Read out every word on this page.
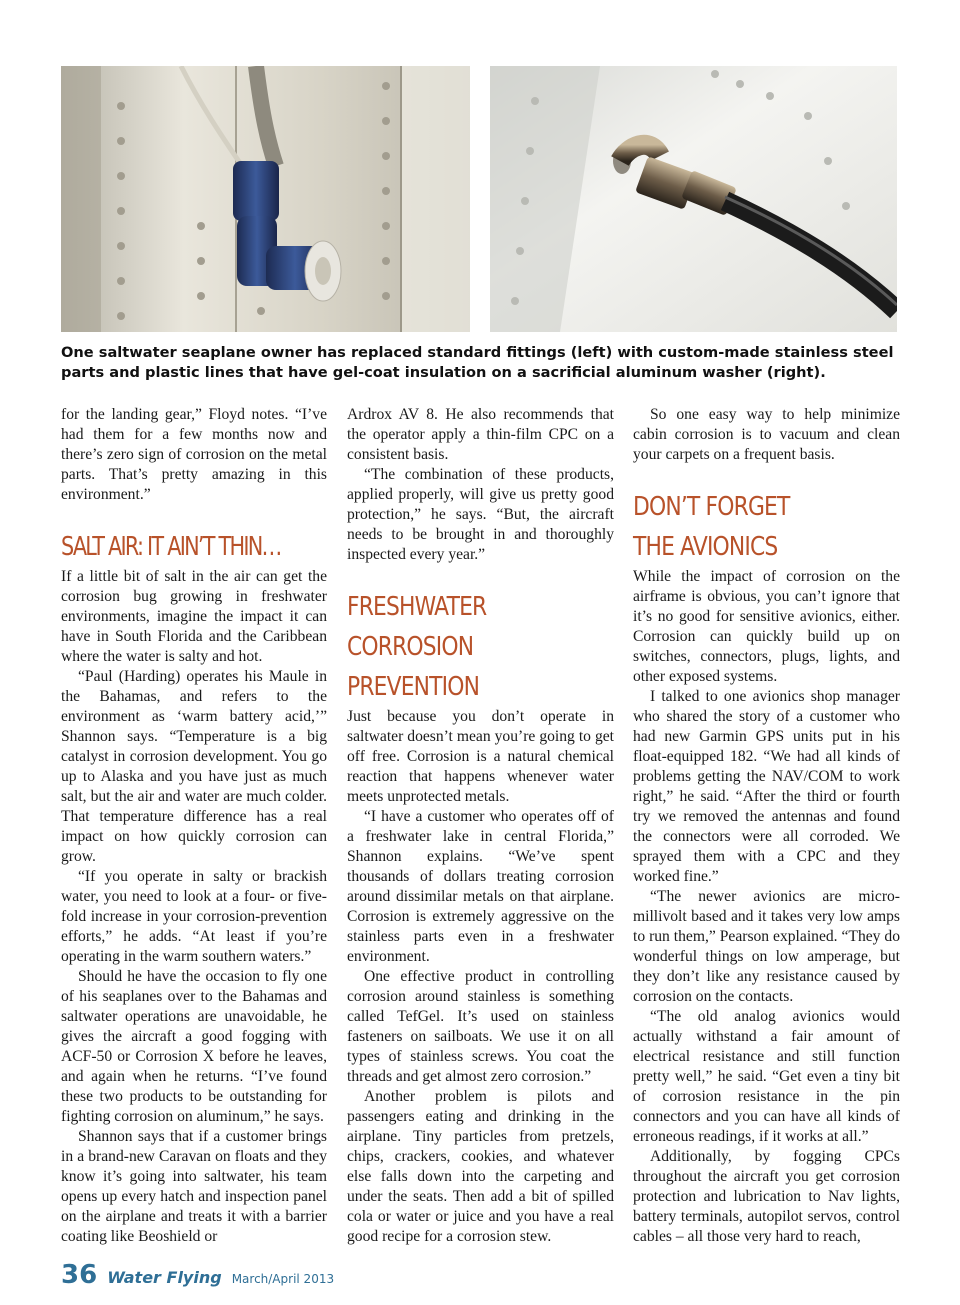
One saltwater seaplane owner has replaced standard fittings (left) with custom-made stainless steel parts and plastic lines that have gel-coat insulation on a sacrificial aluminum washer (right).

for the landing gear,” Floyd notes. “I’ve had them for a few months now and there’s zero sign of corrosion on the metal parts. That’s pretty amazing in this environment.”

SALT AIR: IT AIN’T THIN…

If a little bit of salt in the air can get the corrosion bug growing in freshwater environments, imagine the impact it can have in South Florida and the Caribbean where the water is salty and hot.

“Paul (Harding) operates his Maule in the Bahamas, and refers to the environment as ‘warm battery acid,’” Shannon says. “Temperature is a big catalyst in corrosion development. You go up to Alaska and you have just as much salt, but the air and water are much colder. That temperature difference has a real impact on how quickly corrosion can grow.

“If you operate in salty or brackish water, you need to look at a four- or five-fold increase in your corrosion-prevention efforts,” he adds. “At least if you’re operating in the warm southern waters.”

Should he have the occasion to fly one of his seaplanes over to the Bahamas and saltwater operations are unavoidable, he gives the aircraft a good fogging with ACF-50 or Corrosion X before he leaves, and again when he returns. “I’ve found these two products to be outstanding for fighting corrosion on aluminum,” he says.

Shannon says that if a customer brings in a brand-new Caravan on floats and they know it’s going into saltwater, his team opens up every hatch and inspection panel on the airplane and treats it with a barrier coating like Beoshield or

Ardrox AV 8. He also recommends that the operator apply a thin-film CPC on a consistent basis.

“The combination of these products, applied properly, will give us pretty good protection,” he says. “But, the aircraft needs to be brought in and thoroughly inspected every year.”

FRESHWATER
CORROSION
PREVENTION

Just because you don’t operate in saltwater doesn’t mean you’re going to get off free. Corrosion is a natural chemical reaction that happens whenever water meets unprotected metals.

“I have a customer who operates off of a freshwater lake in central Florida,” Shannon explains. “We’ve spent thousands of dollars treating corrosion around dissimilar metals on that airplane. Corrosion is extremely aggressive on the stainless parts even in a freshwater environment.

One effective product in controlling corrosion around stainless is something called TefGel. It’s used on stainless fasteners on sailboats. We use it on all types of stainless screws. You coat the threads and get almost zero corrosion.”

Another problem is pilots and passengers eating and drinking in the airplane. Tiny particles from pretzels, chips, crackers, cookies, and whatever else falls down into the carpeting and under the seats. Then add a bit of spilled cola or water or juice and you have a real good recipe for a corrosion stew.

So one easy way to help minimize cabin corrosion is to vacuum and clean your carpets on a frequent basis.

DON’T FORGET
THE AVIONICS

While the impact of corrosion on the airframe is obvious, you can’t ignore that it’s no good for sensitive avionics, either. Corrosion can quickly build up on switches, connectors, plugs, lights, and other exposed systems.

I talked to one avionics shop manager who shared the story of a customer who had new Garmin GPS units put in his float-equipped 182. “We had all kinds of problems getting the NAV/COM to work right,” he said. “After the third or fourth try we removed the antennas and found the connectors were all corroded. We sprayed them with a CPC and they worked fine.”

“The newer avionics are micro-millivolt based and it takes very low amps to run them,” Pearson explained. “They do wonderful things on low amperage, but they don’t like any resistance caused by corrosion on the contacts.

“The old analog avionics would actually withstand a fair amount of electrical resistance and still function pretty well,” he said. “Get even a tiny bit of corrosion resistance in the pin connectors and you can have all kinds of erroneous readings, if it works at all.”

Additionally, by fogging CPCs throughout the aircraft you get corrosion protection and lubrication to Nav lights, battery terminals, autopilot servos, control cables – all those very hard to reach,

36 Water Flying March/April 2013
